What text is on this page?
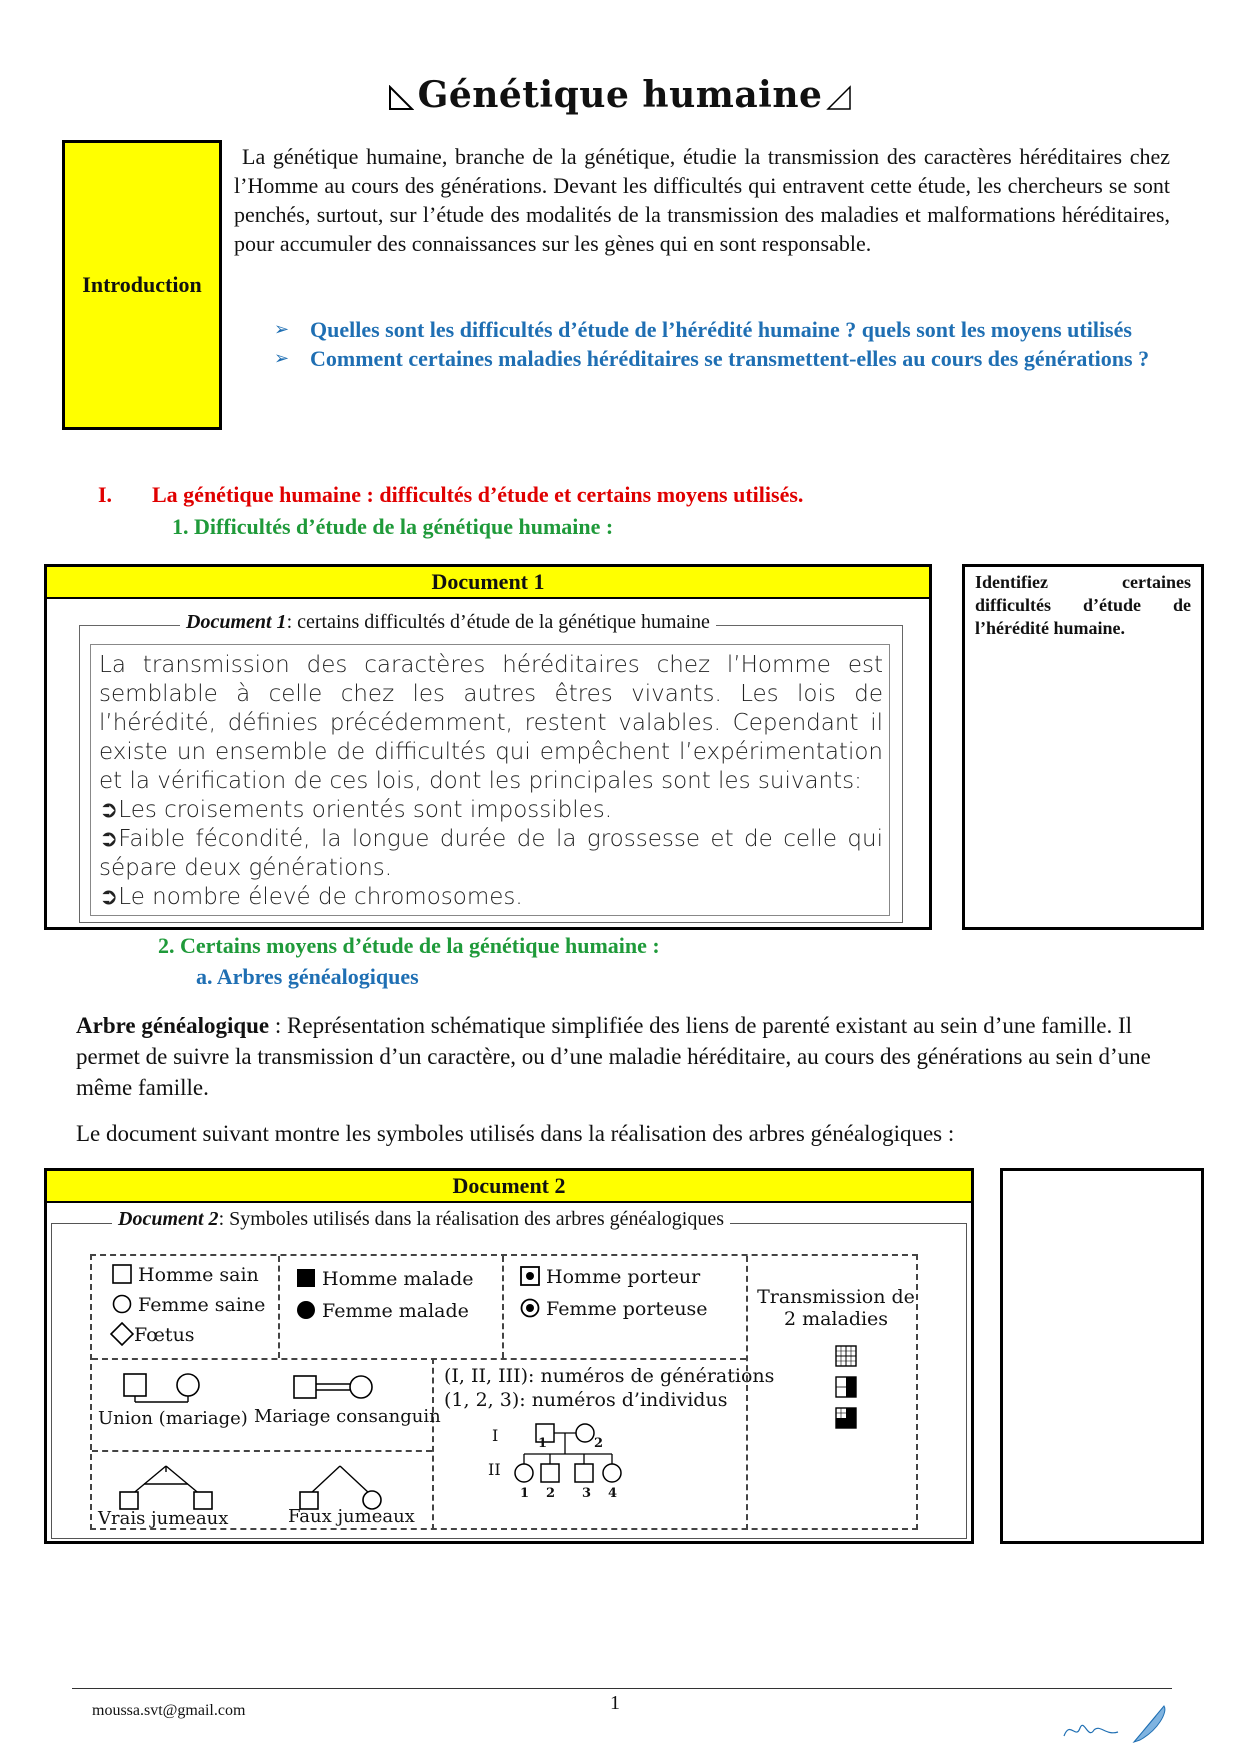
Génétique humaine
Introduction
La génétique humaine, branche de la génétique, étudie la transmission des caractères héréditaires chez l’Homme au cours des générations. Devant les difficultés qui entravent cette étude, les chercheurs se sont penchés, surtout, sur l’étude des modalités de la transmission des maladies et malformations héréditaires, pour accumuler des connaissances sur les gènes qui en sont responsable.
➢ Quelles sont les difficultés d’étude de l’hérédité humaine ? quels sont les moyens utilisés
➢ Comment certaines maladies héréditaires se transmettent-elles au cours des générations ?
I. La génétique humaine : difficultés d’étude et certains moyens utilisés.
1. Difficultés d’étude de la génétique humaine :
Document 1
Document 1: certains difficultés d’étude de la génétique humaine
La transmission des caractères héréditaires chez l’Homme est semblable à celle chez les autres êtres vivants. Les lois de l’hérédité, définies précédemment, restent valables. Cependant il existe un ensemble de difficultés qui empêchent l’expérimentation et la vérification de ces lois, dont les principales sont les suivants:
➲Les croisements orientés sont impossibles.
➲Faible fécondité, la longue durée de la grossesse et de celle qui sépare deux générations.
➲Le nombre élevé de chromosomes.
Identifiez certaines difficultés d’étude de l’hérédité humaine.
2. Certains moyens d’étude de la génétique humaine :
a. Arbres généalogiques
Arbre généalogique : Représentation schématique simplifiée des liens de parenté existant au sein d’une famille. Il permet de suivre la transmission d’un caractère, ou d’une maladie héréditaire, au cours des générations au sein d’une même famille.
Le document suivant montre les symboles utilisés dans la réalisation des arbres généalogiques :
Document 2
Document 2: Symboles utilisés dans la réalisation des arbres généalogiques
Homme sain
Femme saine
Fœtus
Homme malade
Femme malade
Homme porteur
Femme porteuse
Transmission de
2 maladies
Union (mariage) Mariage consanguin
Vrais jumeaux	Faux jumeaux
(I, II, III): numéros de générations
(1, 2, 3): numéros d’individus
I
II
1	2
1 2 3 4
moussa.svt@gmail.com	1
